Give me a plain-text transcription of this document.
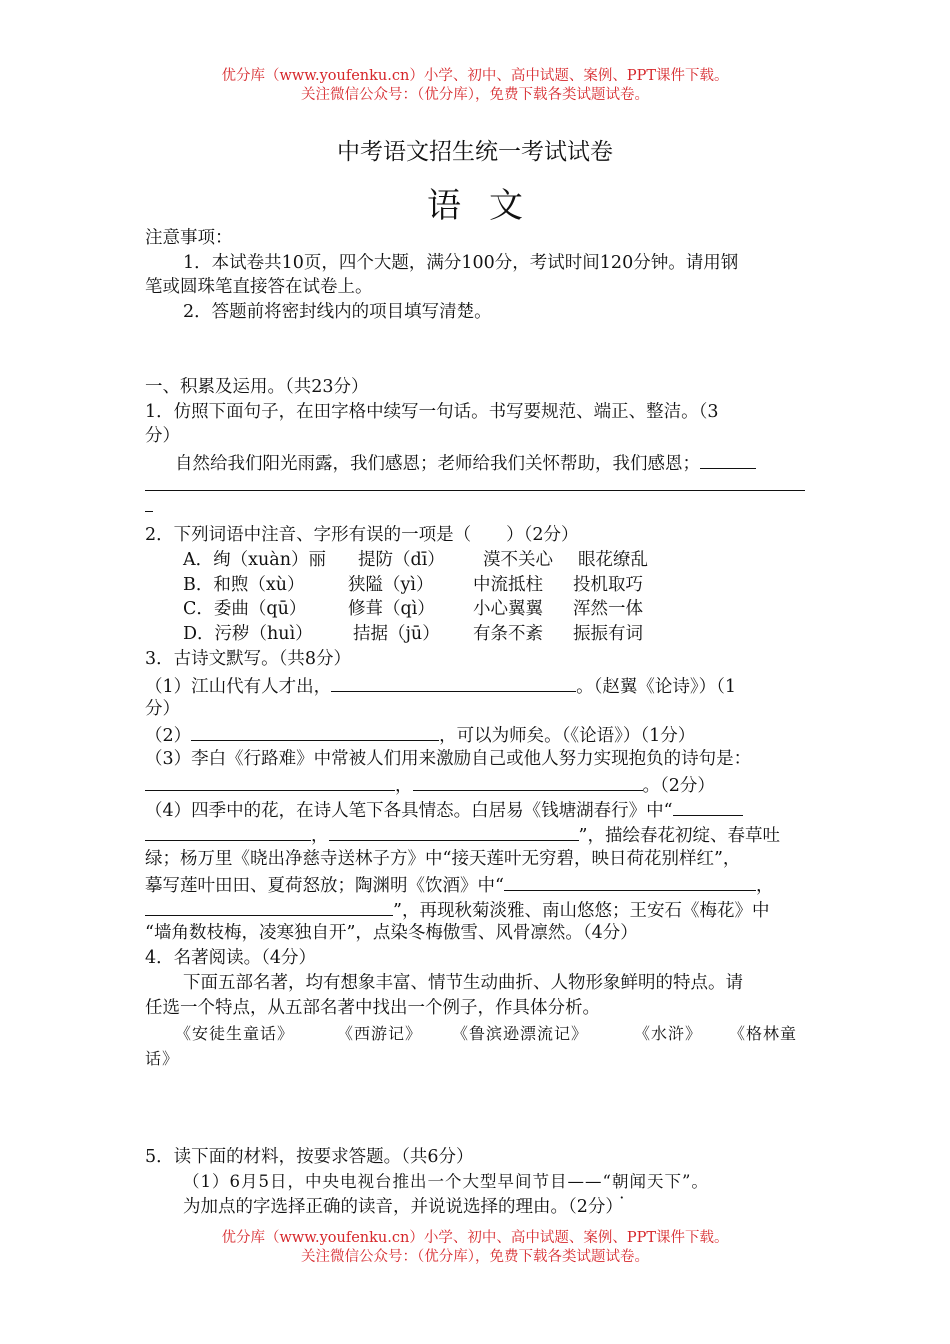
优分库（www.youfenku.cn）小学、初中、高中试题、案例、PPT课件下载。
关注微信公众号：（优分库），免费下载各类试题试卷。
中考语文招生统一考试试卷
语文
注意事项：
1．本试卷共10页，四个大题，满分100分，考试时间120分钟。请用钢
笔或圆珠笔直接答在试卷上。
2．答题前将密封线内的项目填写清楚。
一、积累及运用。（共23分）
1．仿照下面句子，在田字格中续写一句话。书写要规范、端正、整洁。（3
分）
自然给我们阳光雨露，我们感恩；老师给我们关怀帮助，我们感恩；
2．下列词语中注音、字形有误的一项是（　　）（2分）
A．绚（xuàn）丽 提防（dī） 漠不关心 眼花缭乱
B．和煦（xù） 狭隘（yì） 中流抵柱 投机取巧
C．委曲（qū） 修葺（qì） 小心翼翼 浑然一体
D．污秽（huì） 拮据（jū） 有条不紊 振振有词
3．古诗文默写。（共8分）
（1）江山代有人才出，	。（赵翼《论诗》）（1
分）
（2）	，可以为师矣。（《论语》）（1分）
（3）李白《行路难》中常被人们用来激励自己或他人努力实现抱负的诗句是：
，	。（2分）
（4）四季中的花，在诗人笔下各具情态。白居易《钱塘湖春行》中“
，	”，描绘春花初绽、春草吐
绿；杨万里《晓出净慈寺送林子方》中“接天莲叶无穷碧，映日荷花别样红”，
摹写莲叶田田、夏荷怒放；陶渊明《饮酒》中“	，
”，再现秋菊淡雅、南山悠悠；王安石《梅花》中
“墙角数枝梅，凌寒独自开”，点染冬梅傲雪、风骨凛然。（4分）
4．名著阅读。（4分）
下面五部名著，均有想象丰富、情节生动曲折、人物形象鲜明的特点。请
任选一个特点，从五部名著中找出一个例子，作具体分析。
《安徒生童话》	《西游记》 《鲁滨逊漂流记》	《水浒》 《格林童
话》
5．读下面的材料，按要求答题。（共6分）
（1）6月5日，中央电视台推出一个大型早间节目——“朝闻天下”。
为加点的字选择正确的读音，并说说选择的理由。（2分）
优分库（www.youfenku.cn）小学、初中、高中试题、案例、PPT课件下载。
关注微信公众号：（优分库），免费下载各类试题试卷。
